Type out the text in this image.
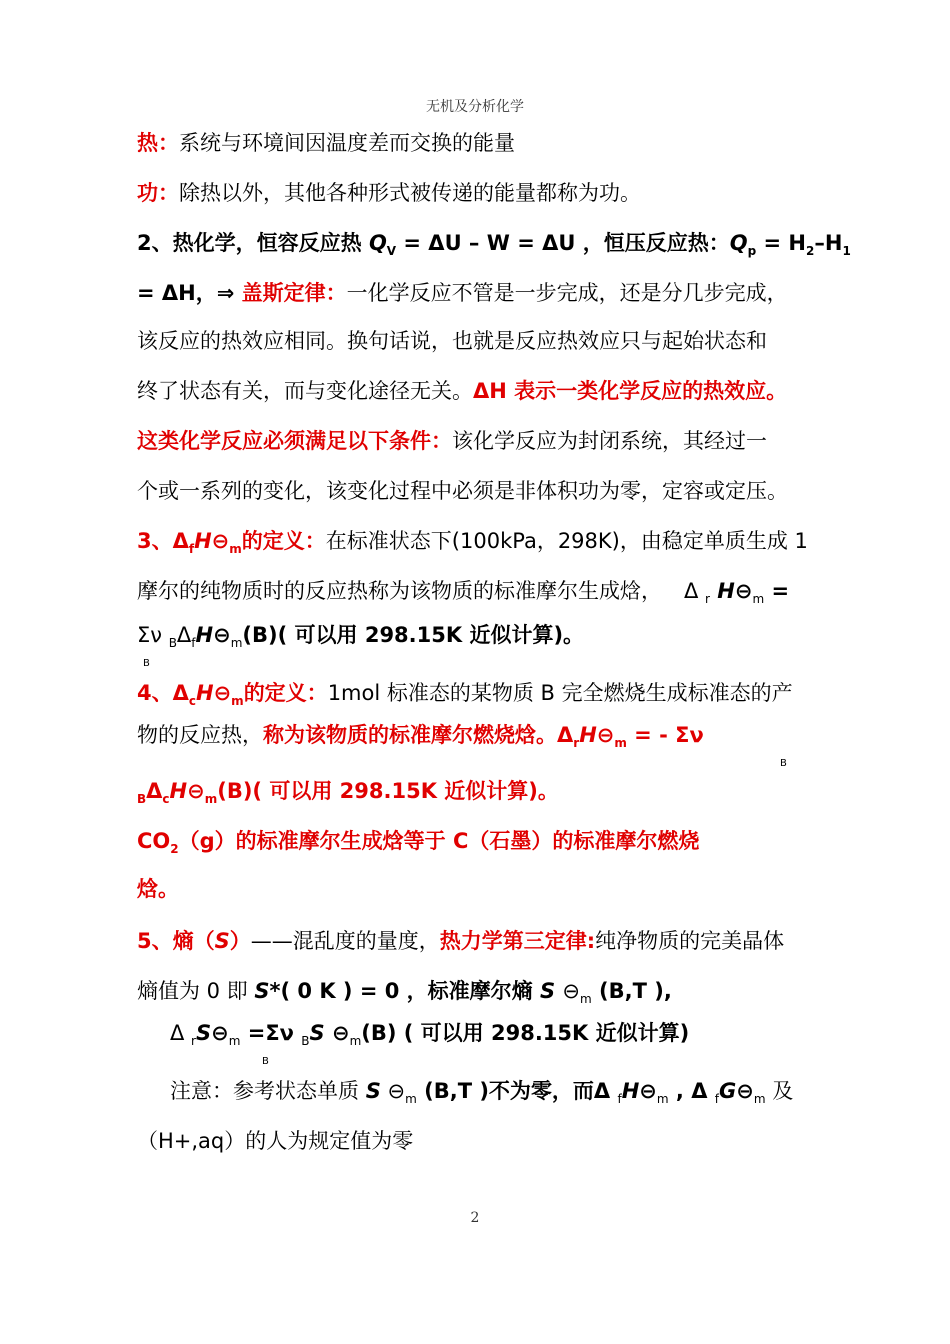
无机及分析化学
热：系统与环境间因温度差而交换的能量
功：除热以外，其他各种形式被传递的能量都称为功。
2、热化学，恒容反应热 $Q_V = \Delta U - W = \Delta U$ ，恒压反应热：$Q_p = H_2-H_1$
= ΔH，⇒ 盖斯定律：一化学反应不管是一步完成，还是分几步完成，
该反应的热效应相同。换句话说，也就是反应热效应只与起始状态和
终了状态有关，而与变化途径无关。ΔH 表示一类化学反应的热效应。
这类化学反应必须满足以下条件：该化学反应为封闭系统，其经过一
个或一系列的变化，该变化过程中必须是非体积功为零，定容或定压。
3、$\Delta_fH⊖_m$的定义：在标准状态下(100kPa，298K)，由稳定单质生成 1
摩尔的纯物质时的反应热称为该物质的标准摩尔生成焓， Δ $_r$ $H⊖_m$ =
Σν $_B\Delta_fH⊖_m(B)$( 可以用 298.15K 近似计算)。
B
4、$\Delta_cH⊖_m$的定义：1mol 标准态的某物质 B 完全燃烧生成标准态的产
物的反应热，称为该物质的标准摩尔燃烧焓。$\Delta_rH⊖_m$ = - Σν
B
$_B\Delta_cH⊖_m(B)$( 可以用 298.15K 近似计算)。
$CO_2(g)$的标准摩尔生成焓等于 C（石墨）的标准摩尔燃烧
焓。
5、熵（S）——混乱度的量度，热力学第三定律:纯净物质的完美晶体
熵值为 0 即 S*( 0 K ) = 0 ，标准摩尔熵 S $⊖_m$ (B,T ),
Δ $_rS⊖_m =\Sigma\nu$ $_B$S $⊖_m(B)$ ( 可以用 298.15K 近似计算)
B
注意：参考状态单质 S $⊖_m$ (B,T )不为零，而Δ $_fH⊖_m$ , Δ $_fG⊖_m$ 及
（H+,aq）的人为规定值为零
2
